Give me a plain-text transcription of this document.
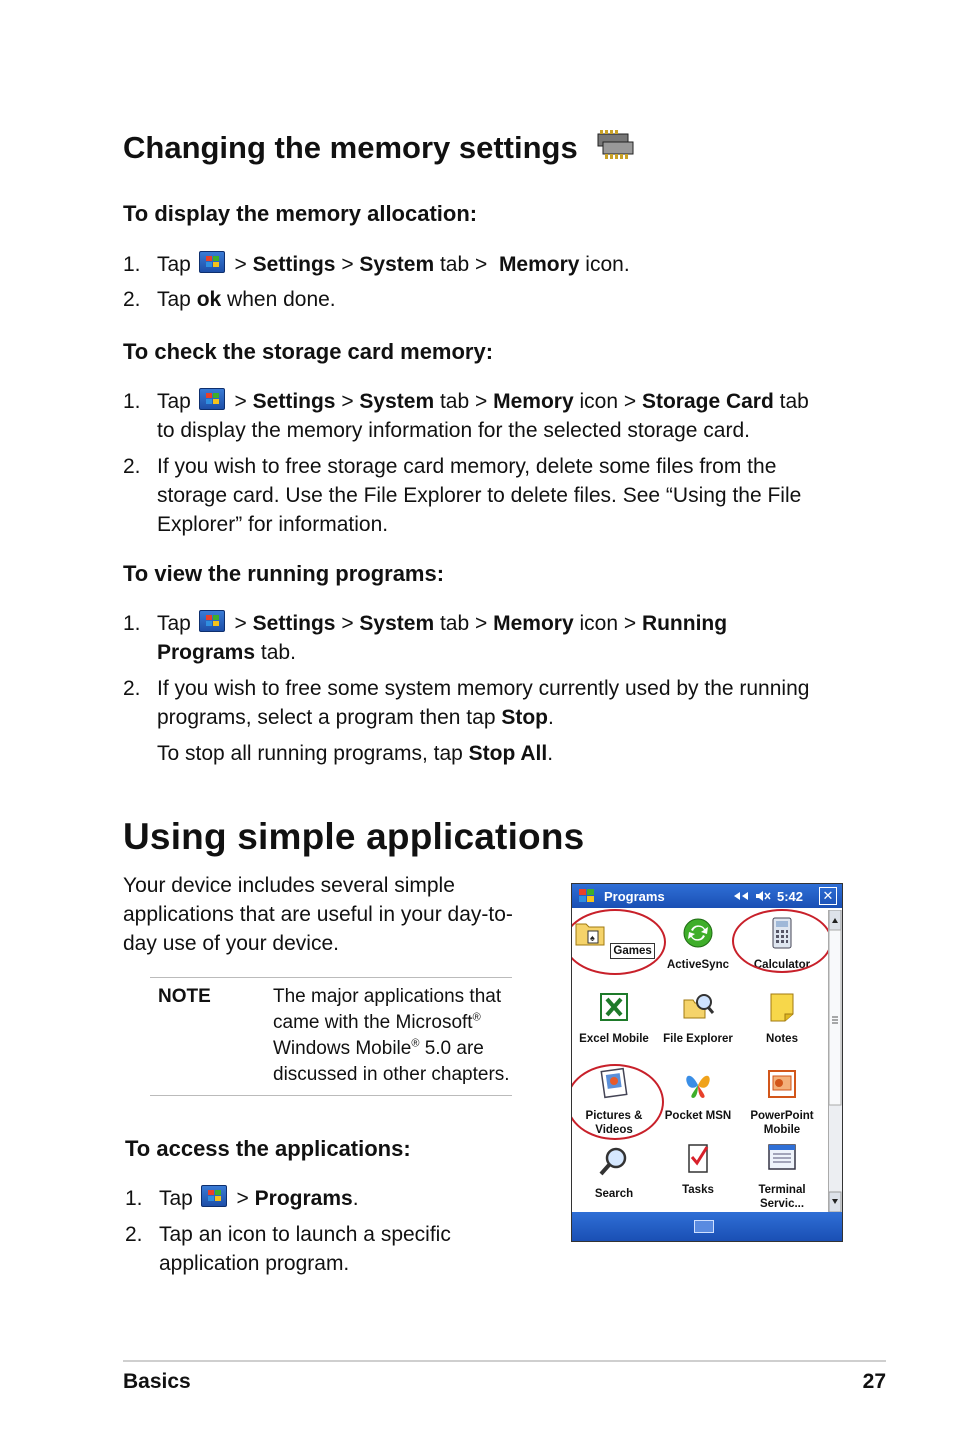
Changing the memory settings
To display the memory allocation:
1. Tap
> Settings > System tab >  Memory icon.
2. Tap ok when done.
To check the storage card memory:
1. Tap
> Settings > System tab > Memory icon > Storage Card tab
to display the memory information for the selected storage card.
2. If you wish to free storage card memory, delete some files from the
storage card. Use the File Explorer to delete files. See “Using the File
Explorer” for information.
To view the running programs:
1. Tap
> Settings > System tab > Memory icon > Running
Programs tab.
2. If you wish to free some system memory currently used by the running
programs, select a program then tap Stop.
To stop all running programs, tap Stop All.
Using simple applications
Your device includes several simple
applications that are useful in your day-to-
day use of your device.
NOTE	The major applications that
came with the Microsoft®
Windows Mobile® 5.0 are
discussed in other chapters.
To access the applications:
1. Tap
> Programs.
2. Tap an icon to launch a specific
application program.
Programs	5:42 ✕
♠
Games
ActiveSync	Calculator
Excel Mobile	File Explorer	Notes
Pictures &
Videos
Pocket MSN	PowerPoint
Mobile
Search	Tasks	Terminal
Servic...
Basics	27
